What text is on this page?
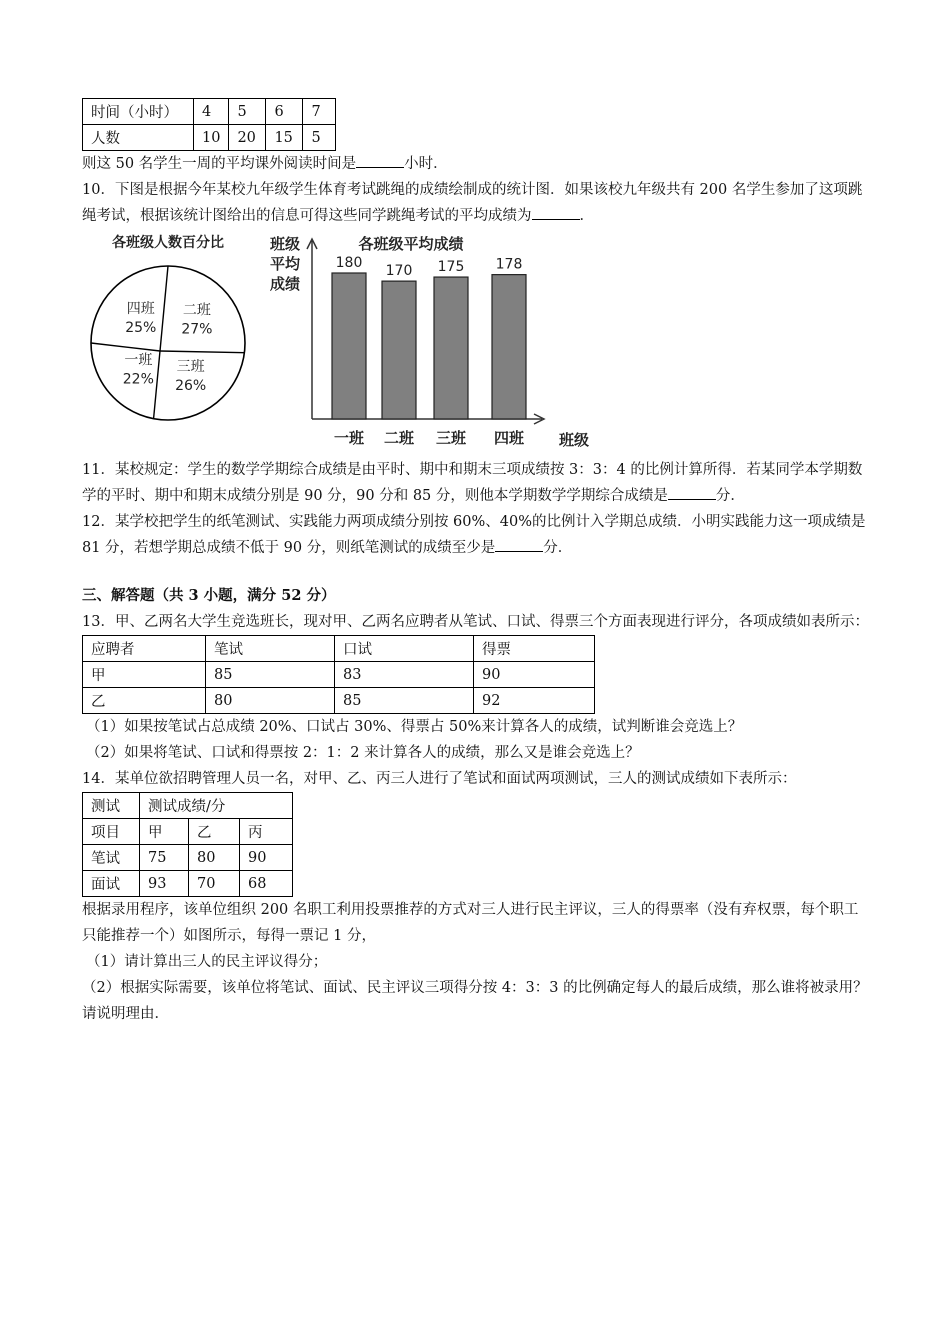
时间（小时）	4	5	6	7
人数	10	20	15	5

则这 50 名学生一周的平均课外阅读时间是	小时．

10．下图是根据今年某校九年级学生体育考试跳绳的成绩绘制成的统计图．如果该校九年级共有 200 名学生参加了这项跳绳考试，根据该统计图给出的信息可得这些同学跳绳考试的平均成绩为	．

各班级人数百分比
二班
27%
三班
26%
一班
22%
四班
25%
班级
平均
成绩
各班级平均成绩
180
一班
170
二班
175
三班
178
四班 班级

11．某校规定：学生的数学学期综合成绩是由平时、期中和期末三项成绩按 3：3：4 的比例计算所得．若某同学本学期数学的平时、期中和期末成绩分别是 90 分，90 分和 85 分，则他本学期数学学期综合成绩是	分．

12．某学校把学生的纸笔测试、实践能力两项成绩分别按 60%、40%的比例计入学期总成绩．小明实践能力这一项成绩是 81 分，若想学期总成绩不低于 90 分，则纸笔测试的成绩至少是	分．

三、解答题（共 3 小题，满分 52 分）

13．甲、乙两名大学生竞选班长，现对甲、乙两名应聘者从笔试、口试、得票三个方面表现进行评分，各项成绩如表所示：

应聘者	笔试	口试	得票
甲	85	83	90
乙	80	85	92

（1）如果按笔试占总成绩 20%、口试占 30%、得票占 50%来计算各人的成绩，试判断谁会竞选上？

（2）如果将笔试、口试和得票按 2：1：2 来计算各人的成绩，那么又是谁会竞选上？

14．某单位欲招聘管理人员一名，对甲、乙、丙三人进行了笔试和面试两项测试，三人的测试成绩如下表所示：

测试	测试成绩/分		
项目	甲	乙	丙
笔试	75	80	90
面试	93	70	68

根据录用程序，该单位组织 200 名职工利用投票推荐的方式对三人进行民主评议，三人的得票率（没有弃权票，每个职工只能推荐一个）如图所示，每得一票记 1 分，

（1）请计算出三人的民主评议得分；

（2）根据实际需要，该单位将笔试、面试、民主评议三项得分按 4：3：3 的比例确定每人的最后成绩，那么谁将被录用？请说明理由．
